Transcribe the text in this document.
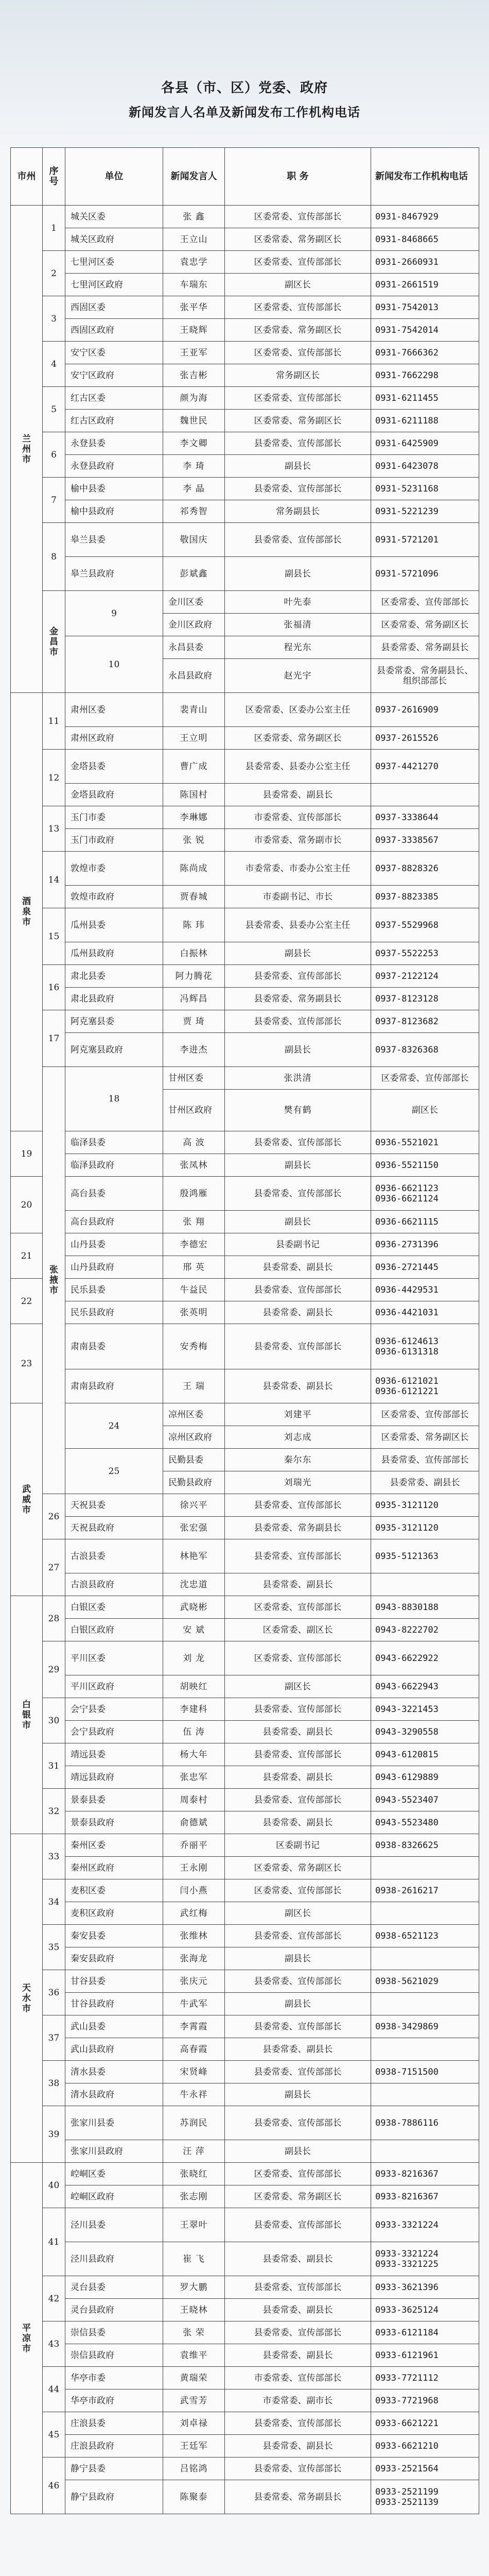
各县（市、区）党委、政府
新闻发言人名单及新闻发布工作机构电话
市州	序号	单位	新闻发言人	职 务	新闻发布工作机构电话	

兰
州
市	1	城关区委	张 鑫	区委常委、宣传部部长	0931-8467929	
		城关区政府	王立山	区委常委、常务副区长	0931-8468665	
	2	七里河区委	袁忠学	区委常委、宣传部部长	0931-2660931	
		七里河区政府	车瑞东	副区长	0931-2661519	
	3	西固区委	张平华	区委常委、宣传部部长	0931-7542013	
		西固区政府	王晓辉	区委常委、常务副区长	0931-7542014	
	4	安宁区委	王亚军	区委常委、宣传部部长	0931-7666362	
		安宁区政府	张吉彬	常务副区长	0931-7662298	
	5	红古区委	颜为海	区委常委、宣传部部长	0931-6211455	
		红古区政府	魏世民	区委常委、常务副区长	0931-6211188	
	6	永登县委	李文卿	县委常委、宣传部部长	0931-6425909	
		永登县政府	李 琦	副县长	0931-6423078	
	7	榆中县委	李 晶	县委常委、宣传部部长	0931-5231168	
		榆中县政府	祁秀智	常务副县长	0931-5221239	
	8	皋兰县委	敬国庆	县委常委、宣传部部长	0931-5721201	
		皋兰县政府	彭斌鑫	副县长	0931-5721096	

	金
昌
市	9	金川区委	叶先泰	区委常委、宣传部部长	
			金川区政府	张福清	区委常委、常务副区长	
		10	永昌县委	程光东	县委常委、常务副县长	
			永昌县政府	赵光宇	县委常委、常务副县长、组织部部长	

酒
泉
市	11	肃州区委	裴青山	区委常委、区委办公室主任	0937-2616909	
		肃州区政府	王立明	区委常委、常务副区长	0937-2615526	
	12	金塔县委	曹广成	县委常委、县委办公室主任	0937-4421270	
		金塔县政府	陈国村	县委常委、副县长		
	13	玉门市委	李琳娜	市委常委、宣传部部长	0937-3338644	
		玉门市政府	张 锐	市委常委、常务副市长	0937-3338567	
	14	敦煌市委	陈尚成	市委常委、市委办公室主任	0937-8828326	
		敦煌市政府	贾春城	市委副书记、市长	0937-8823385	
	15	瓜州县委	陈 玮	县委常委、县委办公室主任	0937-5529968	
		瓜州县政府	白振林	副县长	0937-5522253	
	16	肃北县委	阿力腾花	县委常委、宣传部部长	0937-2122124	
		肃北县政府	冯辉昌	县委常委、常务副县长	0937-8123128	
	17	阿克塞县委	贾 琦	县委常委、宣传部部长	0937-8123682	
		阿克塞县政府	李进杰	副县长	0937-8326368	

	张
掖
市	18	甘州区委	张洪清	区委常委、宣传部部长	
			甘州区政府	樊有鹤	副区长	
19		临泽县委	高 波	县委常委、宣传部部长	0936-5521021	
		临泽县政府	张凤林	副县长	0936-5521150	
20		高台县委	殷鸿雁	县委常委、宣传部部长	0936-6621123
0936-6621124	
		高台县政府	张 翔	副县长	0936-6621115	
21		山丹县委	李德宏	县委副书记	0936-2731396	
		山丹县政府	邢 英	县委常委、副县长	0936-2721445	
22		民乐县委	牛益民	县委常委、宣传部部长	0936-4429531	
		民乐县政府	张英明	县委常委、副县长	0936-4421031	
23		肃南县委	安秀梅	县委常委、宣传部部长	0936-6124613
0936-6131318	
		肃南县政府	王 瑞	县委常委、副县长	0936-6121021
0936-6121221	

武
威
市		24	凉州区委	刘建平	区委常委、宣传部部长	
			凉州区政府	刘志成	区委常委、常务副区长	
		25	民勤县委	秦尔东	县委常委、宣传部部长	
			民勤县政府	刘瑞光	县委常委、副县长	
	26	天祝县委	徐兴平	县委常委、宣传部部长	0935-3121120	
		天祝县政府	张宏强	县委常委、常务副县长	0935-3121120	
	27	古浪县委	林艳军	县委常委、宣传部部长	0935-5121363	
		古浪县政府	沈忠道	县委常委、副县长		

白
银
市	28	白银区委	武晓彬	区委常委、宣传部部长	0943-8830188	
		白银区政府	安 斌	区委常委、副区长	0943-8222702	
	29	平川区委	刘 龙	区委常委、宣传部部长	0943-6622922	
		平川区政府	胡映红	副区长	0943-6622943	
	30	会宁县委	李建科	县委常委、宣传部部长	0943-3221453	
		会宁县政府	伍 涛	县委常委、副县长	0943-3290558	
	31	靖远县委	杨大年	县委常委、宣传部部长	0943-6120815	
		靖远县政府	张忠军	县委常委、副县长	0943-6129889	
	32	景泰县委	周泰村	县委常委、宣传部部长	0943-5523407	
		景泰县政府	俞德斌	县委常委、副县长	0943-5523480	

天
水
市	33	秦州区委	乔丽平	区委副书记	0938-8326625	
		秦州区政府	王永刚	区委常委、常务副区长		
	34	麦积区委	闫小燕	区委常委、宣传部部长	0938-2616217	
		麦积区政府	武红梅	副区长		
	35	秦安县委	张维林	县委常委、宣传部部长	0938-6521123	
		秦安县政府	张海龙	副县长		
	36	甘谷县委	张庆元	县委常委、宣传部部长	0938-5621029	
		甘谷县政府	牛武军	副县长		
	37	武山县委	李霄霞	县委常委、宣传部部长	0938-3429869	
		武山县政府	高春霞	县委常委、副县长		
	38	清水县委	宋贤峰	县委常委、宣传部部长	0938-7151500	
		清水县政府	牛永祥	副县长		
	39	张家川县委	苏润民	县委常委、宣传部部长	0938-7886116	
		张家川县政府	汪 萍	副县长		

平
凉
市	40	崆峒区委	张晓红	区委常委、宣传部部长	0933-8216367	
		崆峒区政府	张志刚	区委常委、常务副区长	0933-8216367	
	41	泾川县委	王翠叶	县委常委、宣传部部长	0933-3321224	
		泾川县政府	崔 飞	县委常委、副县长	0933-3321224
0933-3321225	
	42	灵台县委	罗大鹏	县委常委、宣传部部长	0933-3621396	
		灵台县政府	王晓林	县委常委、副县长	0933-3625124	
	43	崇信县委	张 荣	县委常委、宣传部部长	0933-6121184	
		崇信县政府	袁维平	县委常委、副县长	0933-6121961	
	44	华亭市委	黄瑞荣	市委常委、宣传部部长	0933-7721112	
		华亭市政府	武雪芳	市委常委、副市长	0933-7721968	
	45	庄浪县委	刘卓禄	县委常委、宣传部部长	0933-6621221	
		庄浪县政府	王廷军	县委常委、副县长	0933-6621210	
	46	静宁县委	吕铭鸿	县委常委、宣传部部长	0933-2521564	
		静宁县政府	陈聚泰	县委常委、常务副县长	0933-2521199
0933-2521139	
